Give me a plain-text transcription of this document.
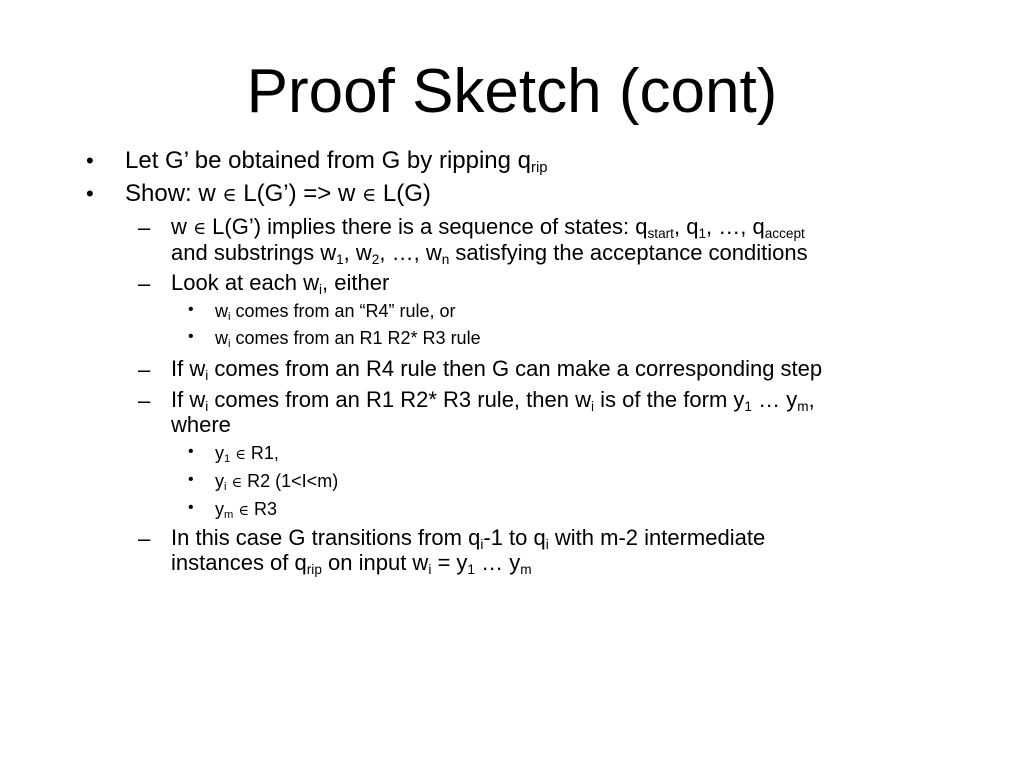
Proof Sketch (cont)
• Let G’ be obtained from G by ripping $q_{rip}$
• Show: w ∈ L(G’) => w ∈ L(G)
– w ∈ L(G’) implies there is a sequence of states: $q_{start}$, $q_1$, …, $q_{accept}$
and substrings $w_1$, $w_2$, …, $w_n$ satisfying the acceptance conditions
– Look at each $w_i$, either
• $w_i$ comes from an “R4” rule, or
• $w_i$ comes from an R1 R2* R3 rule
– If $w_i$ comes from an R4 rule then G can make a corresponding step
– If $w_i$ comes from an R1 R2* R3 rule, then $w_i$ is of the form $y_1$ … $y_m$,
where
• $y_1$ ∈ R1,
• $y_i$ ∈ R2 (1<I<m)
• $y_m$ ∈ R3
– In this case G transitions from $q_i-1$ to $q_i$ with m-2 intermediate
instances of $q_{rip}$ on input $w_i = y_1$ … $y_m$
